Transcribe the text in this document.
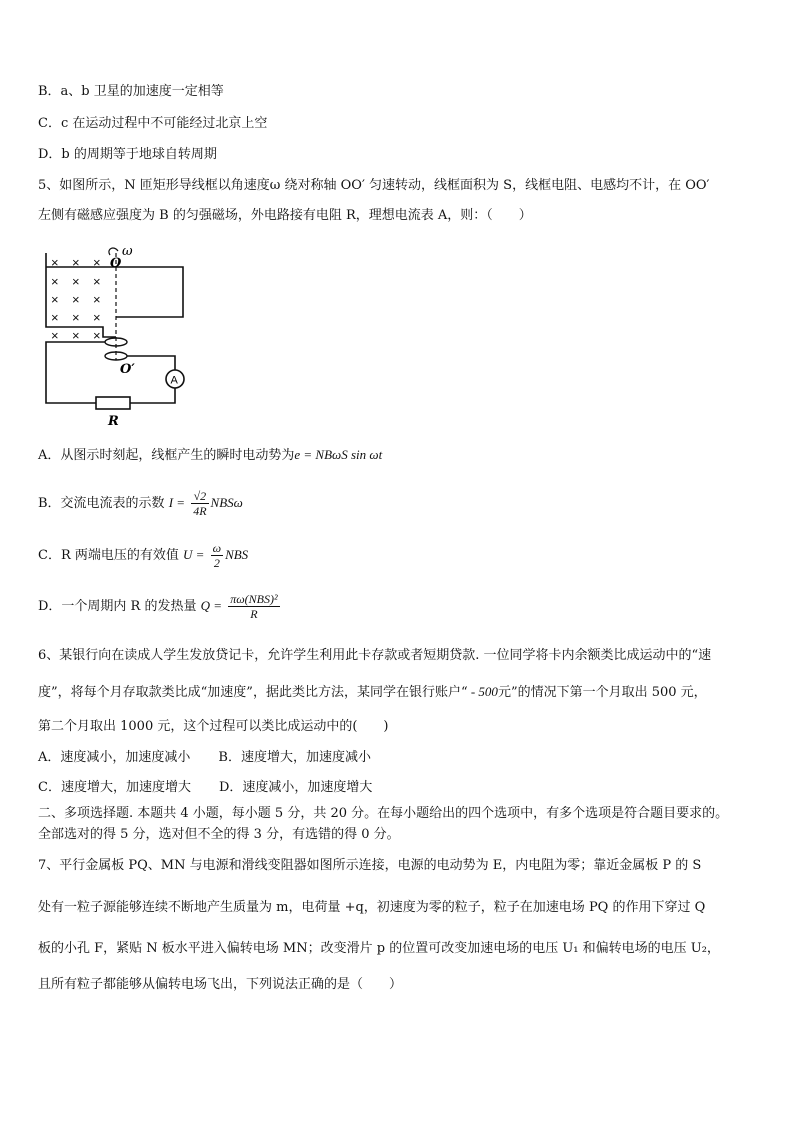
B．a、b 卫星的加速度一定相等
C．c 在运动过程中不可能经过北京上空
D．b 的周期等于地球自转周期
5、如图所示，N 匝矩形导线框以角速度ω 绕对称轴 OO′ 匀速转动，线框面积为 S，线框电阻、电感均不计，在 OO′
左侧有磁感应强度为 B 的匀强磁场，外电路接有电阻 R，理想电流表 A，则：（　　）
× × ×
× × ×
× × ×
× × ×
× × ×
ω
O
O′
A
R
A．从图示时刻起，线框产生的瞬时电动势为e = NBωS sin ωt
B．交流电流表的示数 $I = \frac{√2}{4R}$ NBSω
C．R 两端电压的有效值 $U = \frac{\omega}{2}$ NBS
D．一个周期内 R 的发热量 $Q = \frac{\text{πω(NBS)²}}{R}$
6、某银行向在读成人学生发放贷记卡，允许学生利用此卡存款或者短期贷款. 一位同学将卡内余额类比成运动中的“速
度”，将每个月存取款类比成“加速度”，据此类比方法，某同学在银行账户“ - 500元”的情况下第一个月取出 500 元，
第二个月取出 1000 元，这个过程可以类比成运动中的(　　)
A．速度减小，加速度减小 B．速度增大，加速度减小
C．速度增大，加速度增大 D．速度减小，加速度增大
二、多项选择题. 本题共 4 小题，每小题 5 分，共 20 分。在每小题给出的四个选项中，有多个选项是符合题目要求的。
全部选对的得 5 分，选对但不全的得 3 分，有选错的得 0 分。
7、平行金属板 PQ、MN 与电源和滑线变阻器如图所示连接，电源的电动势为 E，内电阻为零；靠近金属板 P 的 S
处有一粒子源能够连续不断地产生质量为 m，电荷量 +q，初速度为零的粒子，粒子在加速电场 PQ 的作用下穿过 Q
板的小孔 F，紧贴 N 板水平进入偏转电场 MN；改变滑片 p 的位置可改变加速电场的电压 U₁ 和偏转电场的电压 U₂，
且所有粒子都能够从偏转电场飞出，下列说法正确的是（　　）
